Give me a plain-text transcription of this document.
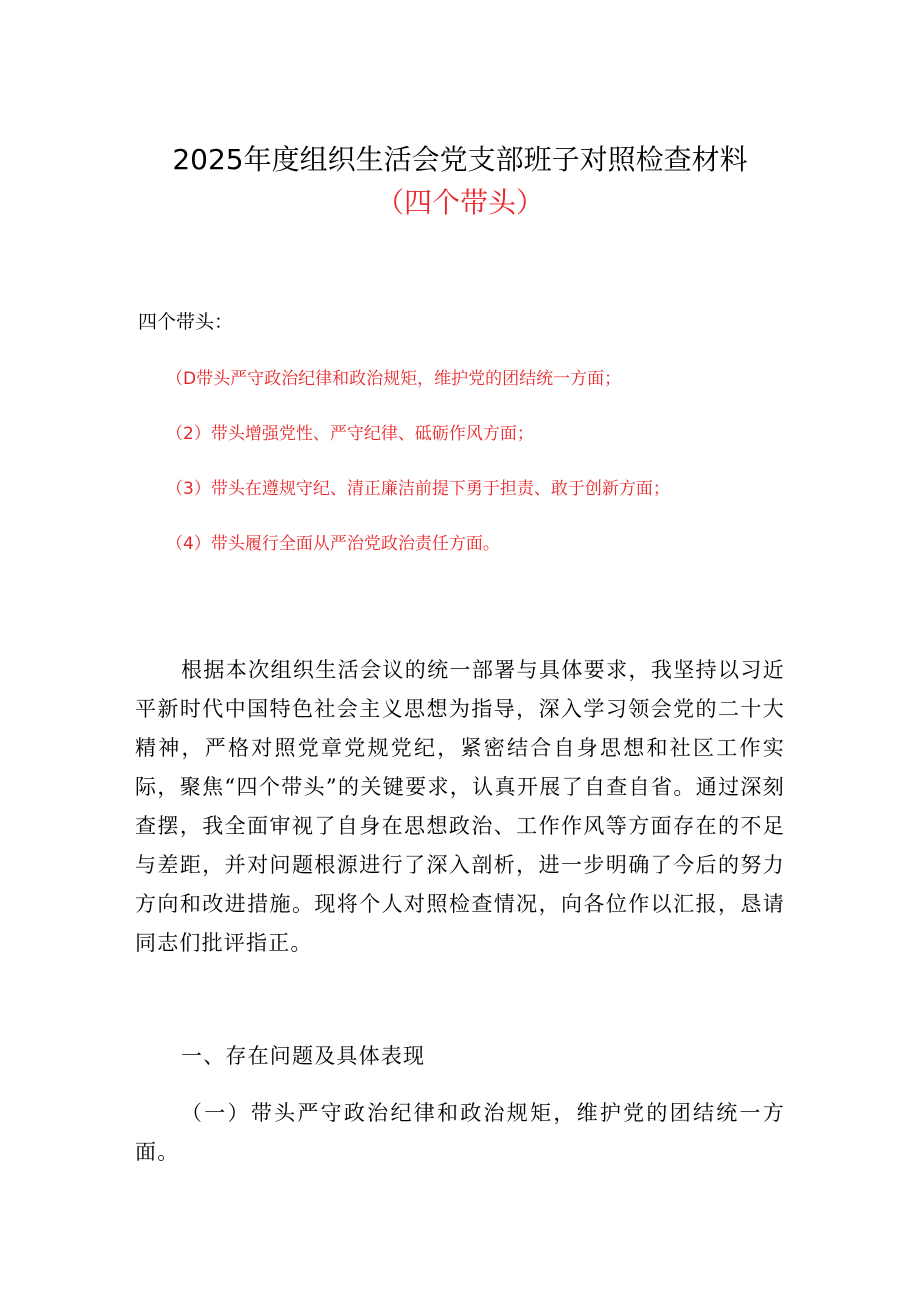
2025年度组织生活会党支部班子对照检查材料
（四个带头）
四个带头：
（D带头严守政治纪律和政治规矩，维护党的团结统一方面；
（2）带头增强党性、严守纪律、砥砺作风方面；
（3）带头在遵规守纪、清正廉洁前提下勇于担责、敢于创新方面；
（4）带头履行全面从严治党政治责任方面。
根据本次组织生活会议的统一部署与具体要求，我坚持以习近平新时代中国特色社会主义思想为指导，深入学习领会党的二十大精神，严格对照党章党规党纪，紧密结合自身思想和社区工作实际，聚焦“四个带头”的关键要求，认真开展了自查自省。通过深刻查摆，我全面审视了自身在思想政治、工作作风等方面存在的不足与差距，并对问题根源进行了深入剖析，进一步明确了今后的努力方向和改进措施。现将个人对照检查情况，向各位作以汇报，恳请同志们批评指正。
一、存在问题及具体表现
（一）带头严守政治纪律和政治规矩，维护党的团结统一方面。
